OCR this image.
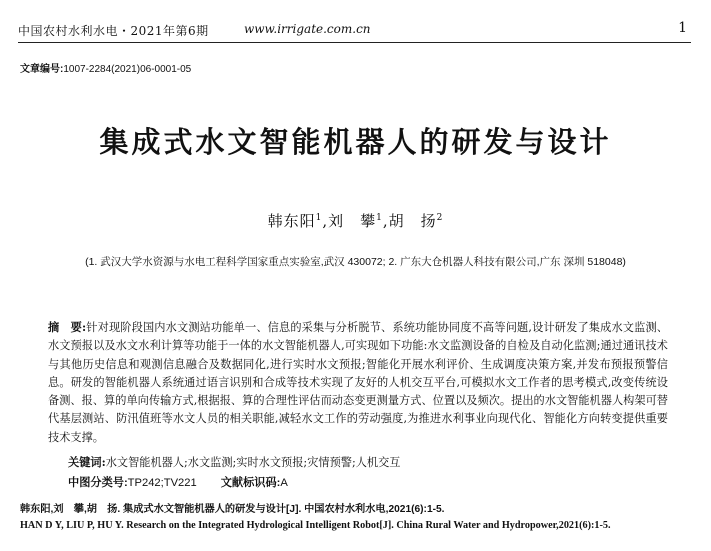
中国农村水利水电・2021年第6期	www.irrigate.com.cn	1
文章编号:1007-2284(2021)06-0001-05
集成式水文智能机器人的研发与设计
韩东阳$^1$,刘　攀$^1$,胡　扬$^2$
(1. 武汉大学水资源与水电工程科学国家重点实验室,武汉 430072; 2. 广东大仓机器人科技有限公司,广东 深圳 518048)
摘　要:针对现阶段国内水文测站功能单一、信息的采集与分析脱节、系统功能协同度不高等问题,设计研发了集成水文监测、水文预报以及水文水利计算等功能于一体的水文智能机器人,可实现如下功能:水文监测设备的自检及自动化监测;通过通讯技术与其他历史信息和观测信息融合及数据同化,进行实时水文预报;智能化开展水利评价、生成调度决策方案,并发布预报预警信息。研发的智能机器人系统通过语言识别和合成等技术实现了友好的人机交互平台,可模拟水文工作者的思考模式,改变传统设备测、报、算的单向传输方式,根据报、算的合理性评估而动态变更测量方式、位置以及频次。提出的水文智能机器人构架可替代基层测站、防汛值班等水文人员的相关职能,减轻水文工作的劳动强度,为推进水利事业向现代化、智能化方向转变提供重要技术支撑。
关键词:水文智能机器人;水文监测;实时水文预报;灾情预警;人机交互
中图分类号:TP242;TV221 文献标识码:A
韩东阳,刘　攀,胡　扬. 集成式水文智能机器人的研发与设计[J]. 中国农村水利水电,2021(6):1-5.
HAN D Y, LIU P, HU Y. Research on the Integrated Hydrological Intelligent Robot[J]. China Rural Water and Hydropower,2021(6):1-5.
